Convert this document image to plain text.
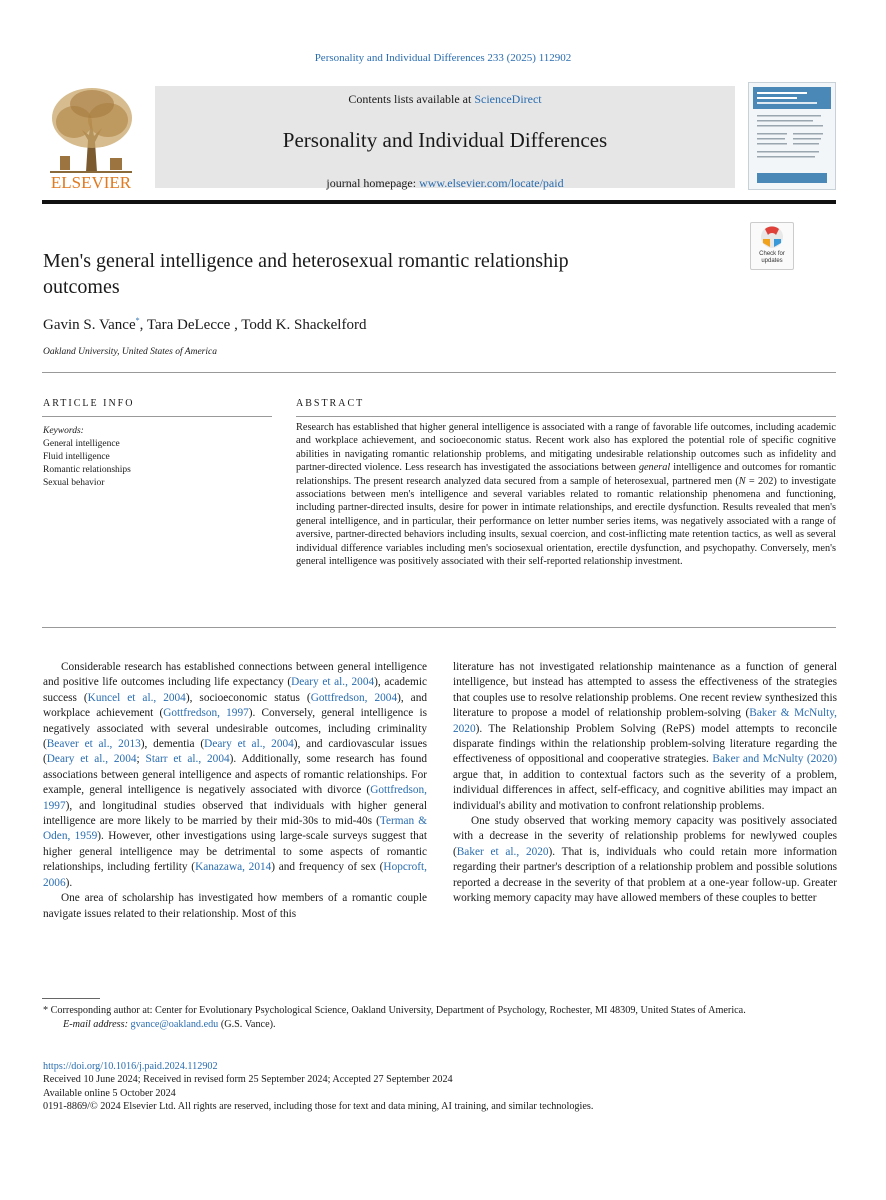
Personality and Individual Differences 233 (2025) 112902
ELSEVIER
Contents lists available at ScienceDirect
Personality and Individual Differences
journal homepage: www.elsevier.com/locate/paid
Men's general intelligence and heterosexual romantic relationship outcomes
Check for updates
Gavin S. Vance*, Tara DeLecce , Todd K. Shackelford
Oakland University, United States of America
ARTICLE INFO	ABSTRACT
Keywords:
General intelligence
Fluid intelligence
Romantic relationships
Sexual behavior
Research has established that higher general intelligence is associated with a range of favorable life outcomes, including academic and workplace achievement, and socioeconomic status. Recent work also has explored the potential role of specific cognitive abilities in navigating romantic relationship problems, and mitigating undesirable relationship outcomes such as infidelity and partner-directed violence. Less research has investigated the associations between general intelligence and outcomes for romantic relationships. The present research analyzed data secured from a sample of heterosexual, partnered men (N = 202) to investigate associations between men's intelligence and several variables related to romantic relationship phenomena and functioning, including partner-directed insults, desire for power in intimate relationships, and erectile dysfunction. Results revealed that men's general intelligence, and in particular, their performance on letter number series items, was negatively associated with a range of aversive, partner-directed behaviors including insults, sexual coercion, and cost-inflicting mate retention tactics, as well as several individual difference variables including men's sociosexual orientation, erectile dysfunction, and psychopathy. Conversely, men's general intelligence was positively associated with their self-reported relationship investment.

Considerable research has established connections between general intelligence and positive life outcomes including life expectancy (Deary et al., 2004), academic success (Kuncel et al., 2004), socioeconomic status (Gottfredson, 2004), and workplace achievement (Gottfredson, 1997). Conversely, general intelligence is negatively associated with several undesirable outcomes, including criminality (Beaver et al., 2013), dementia (Deary et al., 2004), and cardiovascular issues (Deary et al., 2004; Starr et al., 2004). Additionally, some research has found associations between general intelligence and aspects of romantic relationships. For example, general intelligence is negatively associated with divorce (Gottfredson, 1997), and longitudinal studies observed that individuals with higher general intelligence are more likely to be married by their mid-30s to mid-40s (Terman & Oden, 1959). However, other investigations using large-scale surveys suggest that higher general intelligence may be detrimental to some aspects of romantic relationships, including fertility (Kanazawa, 2014) and frequency of sex (Hopcroft, 2006).

One area of scholarship has investigated how members of a romantic couple navigate issues related to their relationship. Most of this

literature has not investigated relationship maintenance as a function of general intelligence, but instead has attempted to assess the effectiveness of the strategies that couples use to resolve relationship problems. One recent review synthesized this literature to propose a model of relationship problem-solving (Baker & McNulty, 2020). The Relationship Problem Solving (RePS) model attempts to reconcile disparate findings within the relationship problem-solving literature regarding the effectiveness of oppositional and cooperative strategies. Baker and McNulty (2020) argue that, in addition to contextual factors such as the severity of a problem, individual differences in affect, self-efficacy, and cognitive abilities may impact an individual's ability and motivation to confront relationship problems.

One study observed that working memory capacity was positively associated with a decrease in the severity of relationship problems for newlywed couples (Baker et al., 2020). That is, individuals who could retain more information regarding their partner's description of a relationship problem and possible solutions reported a decrease in the severity of that problem at a one-year follow-up. Greater working memory capacity may have allowed members of these couples to better

* Corresponding author at: Center for Evolutionary Psychological Science, Oakland University, Department of Psychology, Rochester, MI 48309, United States of America.

E-mail address: gvance@oakland.edu (G.S. Vance).

https://doi.org/10.1016/j.paid.2024.112902

Received 10 June 2024; Received in revised form 25 September 2024; Accepted 27 September 2024

Available online 5 October 2024

0191-8869/© 2024 Elsevier Ltd. All rights are reserved, including those for text and data mining, AI training, and similar technologies.
